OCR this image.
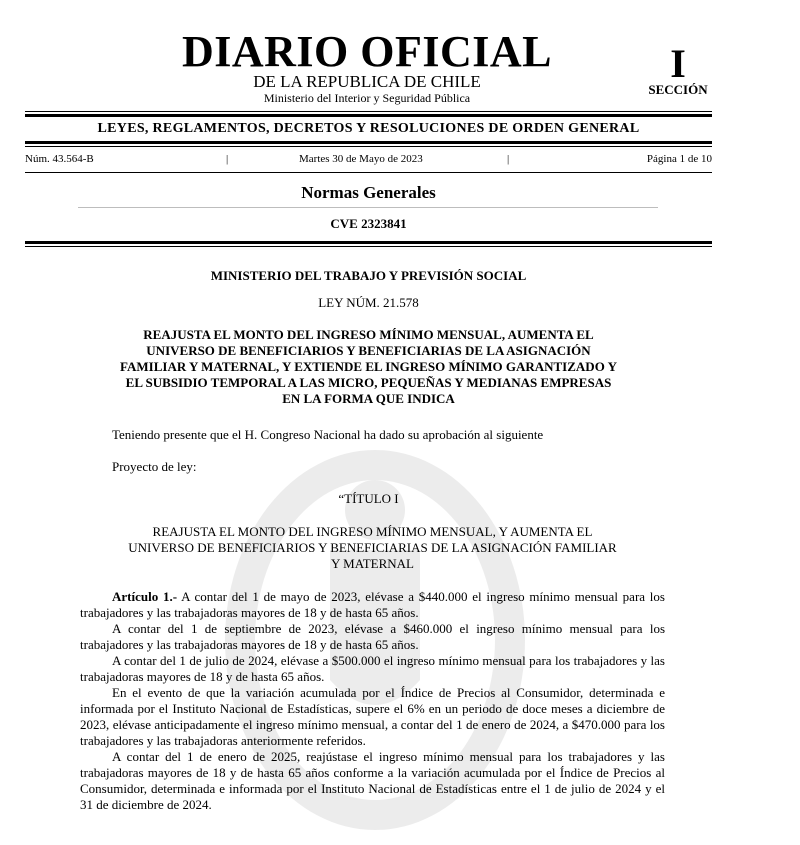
DIARIO OFICIAL
DE LA REPUBLICA DE CHILE
Ministerio del Interior y Seguridad Pública
I
SECCIÓN
LEYES, REGLAMENTOS, DECRETOS Y RESOLUCIONES DE ORDEN GENERAL
Núm. 43.564-B	|	Martes 30 de Mayo de 2023	|	Página 1 de 10
Normas Generales
CVE 2323841
MINISTERIO DEL TRABAJO Y PREVISIÓN SOCIAL
LEY NÚM. 21.578
REAJUSTA EL MONTO DEL INGRESO MÍNIMO MENSUAL, AUMENTA EL
UNIVERSO DE BENEFICIARIOS Y BENEFICIARIAS DE LA ASIGNACIÓN
FAMILIAR Y MATERNAL, Y EXTIENDE EL INGRESO MÍNIMO GARANTIZADO Y
EL SUBSIDIO TEMPORAL A LAS MICRO, PEQUEÑAS Y MEDIANAS EMPRESAS
EN LA FORMA QUE INDICA
Teniendo presente que el H. Congreso Nacional ha dado su aprobación al siguiente
Proyecto de ley:
“TÍTULO I
REAJUSTA EL MONTO DEL INGRESO MÍNIMO MENSUAL, Y AUMENTA EL
UNIVERSO DE BENEFICIARIOS Y BENEFICIARIAS DE LA ASIGNACIÓN FAMILIAR
Y MATERNAL

Artículo 1.- A contar del 1 de mayo de 2023, elévase a $440.000 el ingreso mínimo mensual para los trabajadores y las trabajadoras mayores de 18 y de hasta 65 años.

A contar del 1 de septiembre de 2023, elévase a $460.000 el ingreso mínimo mensual para los trabajadores y las trabajadoras mayores de 18 y de hasta 65 años.

A contar del 1 de julio de 2024, elévase a $500.000 el ingreso mínimo mensual para los trabajadores y las trabajadoras mayores de 18 y de hasta 65 años.

En el evento de que la variación acumulada por el Índice de Precios al Consumidor, determinada e informada por el Instituto Nacional de Estadísticas, supere el 6% en un periodo de doce meses a diciembre de 2023, elévase anticipadamente el ingreso mínimo mensual, a contar del 1 de enero de 2024, a $470.000 para los trabajadores y las trabajadoras anteriormente referidos.

A contar del 1 de enero de 2025, reajústase el ingreso mínimo mensual para los trabajadores y las trabajadoras mayores de 18 y de hasta 65 años conforme a la variación acumulada por el Índice de Precios al Consumidor, determinada e informada por el Instituto Nacional de Estadísticas entre el 1 de julio de 2024 y el 31 de diciembre de 2024.
